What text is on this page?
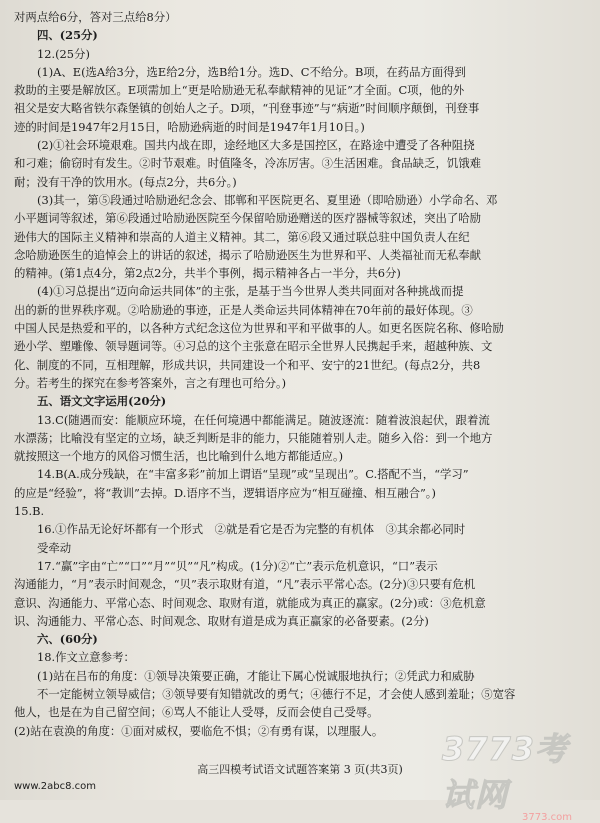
对两点给6分，答对三点给8分）
四、(25分)
12.(25分)
(1)A、E(选A给3分，选E给2分，选B给1分。选D、C不给分。B项，在药品方面得到
救助的主要是解放区。E项需加上“更是哈励逊无私奉献精神的见证”才全面。C项，他的外
祖父是安大略省铁尔森堡镇的创始人之子。D项，“刊登事迹”与“病逝”时间顺序颠倒，刊登事
迹的时间是1947年2月15日，哈励逊病逝的时间是1947年1月10日。)
(2)①社会环境艰难。国共内战在即，途经地区大多是国控区，在路途中遭受了各种阻挠
和刁难；偷窃时有发生。②时节艰难。时值隆冬，冷冻厉害。③生活困难。食品缺乏，饥饿难
耐；没有干净的饮用水。(每点2分，共6分。)
(3)其一，第⑤段通过哈励逊纪念会、邯郸和平医院更名、夏里逊（即哈励逊）小学命名、邓
小平题词等叙述，第⑥段通过哈励逊医院至今保留哈励逊赠送的医疗器械等叙述，突出了哈励
逊伟大的国际主义精神和崇高的人道主义精神。其二，第⑥段又通过联总驻中国负责人在纪
念哈励逊医生的追悼会上的讲话的叙述，揭示了哈励逊医生为世界和平、人类福祉而无私奉献
的精神。(第1点4分，第2点2分，共半个事例，揭示精神各占一半分，共6分)
(4)①习总提出“迈向命运共同体”的主张，是基于当今世界人类共同面对各种挑战而提
出的新的世界秩序观。②哈励逊的事迹，正是人类命运共同体精神在70年前的最好体现。③
中国人民是热爱和平的，以各种方式纪念这位为世界和平和平做事的人。如更名医院名称、修哈励
逊小学、塑雕像、领导题词等。④习总的这个主张意在昭示全世界人民携起手来，超越种族、文
化、制度的不同，互相理解，形成共识，共同建设一个和平、安宁的21世纪。(每点2分，共8
分。若考生的探究在参考答案外，言之有理也可给分。)
五、语文文字运用(20分)
13.C(随遇而安：能顺应环境，在任何境遇中都能满足。随波逐流：随着波浪起伏，跟着流
水漂荡；比喻没有坚定的立场，缺乏判断是非的能力，只能随着别人走。随乡入俗：到一个地方
就按照这一个地方的风俗习惯生活，也比喻到什么地方都能适应。)
14.B(A.成分残缺，在“丰富多彩”前加上谓语“呈现”或“呈现出”。C.搭配不当，“学习”
的应是“经验”，将“教训”去掉。D.语序不当，逻辑语序应为“相互碰撞、相互融合”。)
15.B.
16.①作品无论好坏都有一个形式　②就是看它是否为完整的有机体　③其余都必同时
受牵动
17.“赢”字由“亡”“口”“月”“贝”“凡”构成。(1分)②“亡”表示危机意识，“口”表示
沟通能力，“月”表示时间观念，“贝”表示取财有道，“凡”表示平常心态。(2分)③只要有危机
意识、沟通能力、平常心态、时间观念、取财有道，就能成为真正的赢家。(2分)或：③危机意
识、沟通能力、平常心态、时间观念、取财有道是成为真正赢家的必备要素。(2分)
六、(60分)
18.作文立意参考：
(1)站在吕布的角度：①领导决策要正确，才能让下属心悦诚服地执行；②凭武力和威胁
不一定能树立领导威信；③领导要有知错就改的勇气；④德行不足，才会使人感到羞耻；⑤宽容
他人，也是在为自己留空间；⑥骂人不能让人受辱，反而会使自己受辱。
(2)站在袁涣的角度：①面对威权，要临危不惧；②有勇有谋，以理服人。
高三四模考试语文试题答案第 3 页(共3页)
www.2abc8.com
3773考试网
3773.com
